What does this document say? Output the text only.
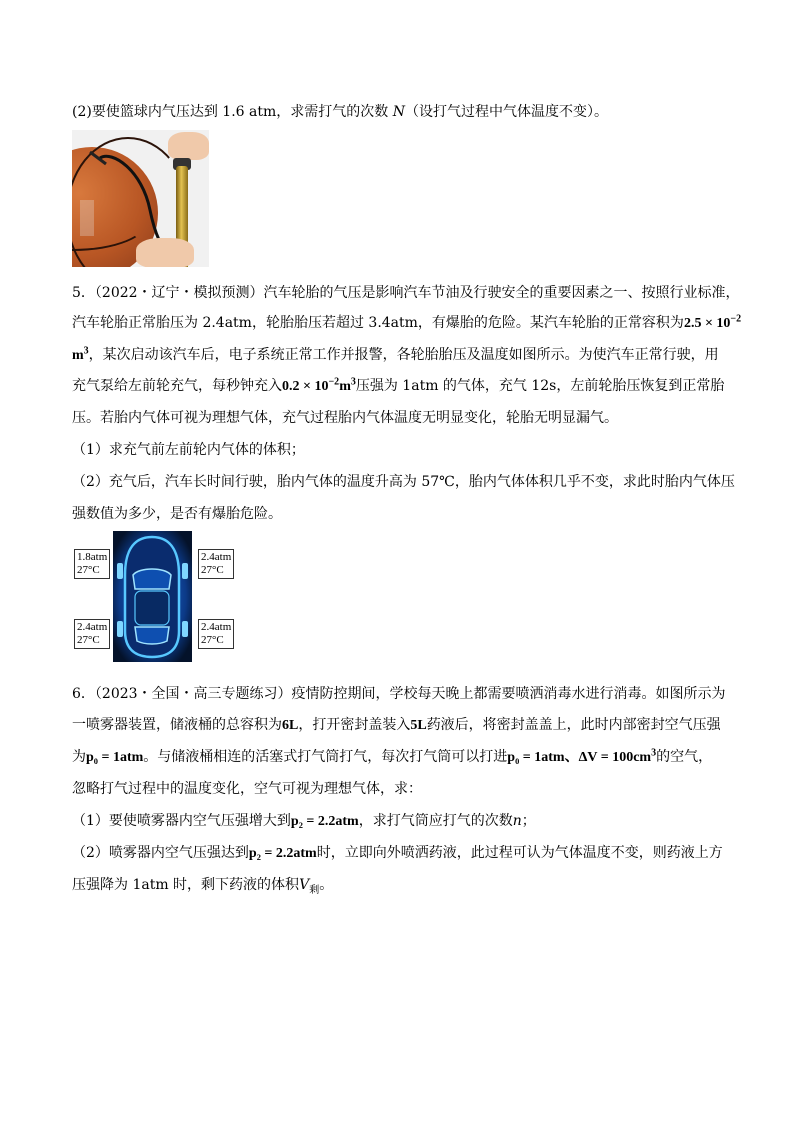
(2)要使篮球内气压达到 1.6 atm，求需打气的次数 N（设打气过程中气体温度不变）。
5．（2022・辽宁・模拟预测）汽车轮胎的气压是影响汽车节油及行驶安全的重要因素之一、按照行业标准，
汽车轮胎正常胎压为 2.4atm，轮胎胎压若超过 3.4atm，有爆胎的危险。某汽车轮胎的正常容积为$2.5 \times 10^{-2}$
$m^3$，某次启动该汽车后，电子系统正常工作并报警，各轮胎胎压及温度如图所示。为使汽车正常行驶，用
充气泵给左前轮充气，每秒钟充入$0.2 \times 10^{-2}m^3$压强为 1atm 的气体，充气 12s，左前轮胎压恢复到正常胎
压。若胎内气体可视为理想气体，充气过程胎内气体温度无明显变化，轮胎无明显漏气。
（1）求充气前左前轮内气体的体积；
（2）充气后，汽车长时间行驶，胎内气体的温度升高为 57℃，胎内气体体积几乎不变，求此时胎内气体压
强数值为多少，是否有爆胎危险。
1.8atm
27°C
2.4atm
27°C
2.4atm
27°C
2.4atm
27°C
6．（2023・全国・高三专题练习）疫情防控期间，学校每天晚上都需要喷洒消毒水进行消毒。如图所示为
一喷雾器装置，储液桶的总容积为6L，打开密封盖装入5L药液后，将密封盖盖上，此时内部密封空气压强
为p₀ = 1atm。与储液桶相连的活塞式打气筒打气，每次打气筒可以打进p₀ = 1atm、$\Delta V = 100cm^3$的空气，
忽略打气过程中的温度变化，空气可视为理想气体，求：
（1）要使喷雾器内空气压强增大到p₂ = 2.2atm，求打气筒应打气的次数n；
（2）喷雾器内空气压强达到p₂ = 2.2atm时，立即向外喷洒药液，此过程可认为气体温度不变，则药液上方
压强降为 1atm 时，剩下药液的体积$V_剩$。
